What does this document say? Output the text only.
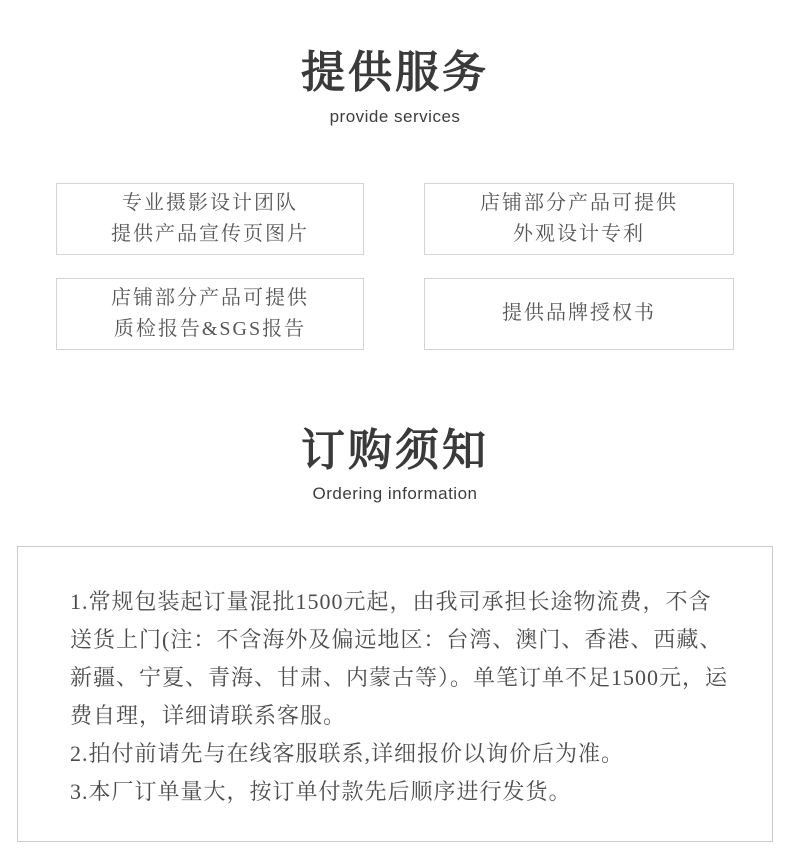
提供服务
provide services
专业摄影设计团队
提供产品宣传页图片
店铺部分产品可提供
外观设计专利
店铺部分产品可提供
质检报告&SGS报告
提供品牌授权书
订购须知
Ordering information

1.常规包装起订量混批1500元起，由我司承担长途物流费，不含送货上门(注：不含海外及偏远地区：台湾、澳门、香港、西藏、新疆、宁夏、青海、甘肃、内蒙古等）。单笔订单不足1500元，运费自理，详细请联系客服。

2.拍付前请先与在线客服联系,详细报价以询价后为准。

3.本厂订单量大，按订单付款先后顺序进行发货。
